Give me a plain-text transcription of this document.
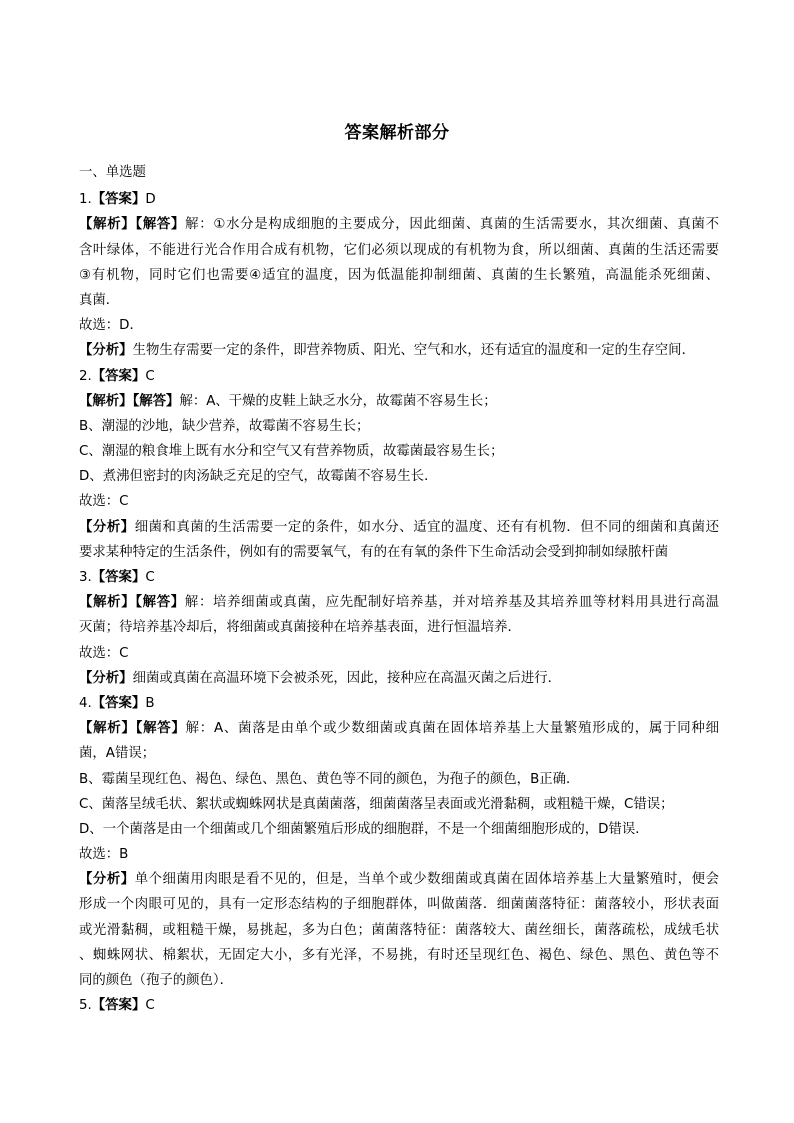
答案解析部分
一、单选题
1.【答案】D
【解析】【解答】解：①水分是构成细胞的主要成分，因此细菌、真菌的生活需要水，其次细菌、真菌不
含叶绿体，不能进行光合作用合成有机物，它们必须以现成的有机物为食，所以细菌、真菌的生活还需要
③有机物，同时它们也需要④适宜的温度，因为低温能抑制细菌、真菌的生长繁殖，高温能杀死细菌、
真菌．
故选：D．
【分析】生物生存需要一定的条件，即营养物质、阳光、空气和水，还有适宜的温度和一定的生存空间．
2.【答案】C
【解析】【解答】解：A、干燥的皮鞋上缺乏水分，故霉菌不容易生长；
B、潮湿的沙地，缺少营养，故霉菌不容易生长；
C、潮湿的粮食堆上既有水分和空气又有营养物质，故霉菌最容易生长；
D、煮沸但密封的肉汤缺乏充足的空气，故霉菌不容易生长．
故选：C
【分析】细菌和真菌的生活需要一定的条件，如水分、适宜的温度、还有有机物．但不同的细菌和真菌还
要求某种特定的生活条件，例如有的需要氧气，有的在有氧的条件下生命活动会受到抑制如绿脓杆菌
3.【答案】C
【解析】【解答】解：培养细菌或真菌，应先配制好培养基，并对培养基及其培养皿等材料用具进行高温
灭菌；待培养基冷却后，将细菌或真菌接种在培养基表面，进行恒温培养．
故选：C
【分析】细菌或真菌在高温环境下会被杀死，因此，接种应在高温灭菌之后进行．
4.【答案】B
【解析】【解答】解：A、菌落是由单个或少数细菌或真菌在固体培养基上大量繁殖形成的，属于同种细
菌，A错误；
B、霉菌呈现红色、褐色、绿色、黑色、黄色等不同的颜色，为孢子的颜色，B正确．
C、菌落呈绒毛状、絮状或蜘蛛网状是真菌菌落，细菌菌落呈表面或光滑黏稠，或粗糙干燥，C错误；
D、一个菌落是由一个细菌或几个细菌繁殖后形成的细胞群，不是一个细菌细胞形成的，D错误．
故选：B
【分析】单个细菌用肉眼是看不见的，但是，当单个或少数细菌或真菌在固体培养基上大量繁殖时，便会
形成一个肉眼可见的，具有一定形态结构的子细胞群体，叫做菌落．细菌菌落特征：菌落较小，形状表面
或光滑黏稠，或粗糙干燥，易挑起，多为白色；菌菌落特征：菌落较大、菌丝细长，菌落疏松，成绒毛状
、蜘蛛网状、棉絮状，无固定大小，多有光泽，不易挑，有时还呈现红色、褐色、绿色、黑色、黄色等不
同的颜色（孢子的颜色）．
5.【答案】C
